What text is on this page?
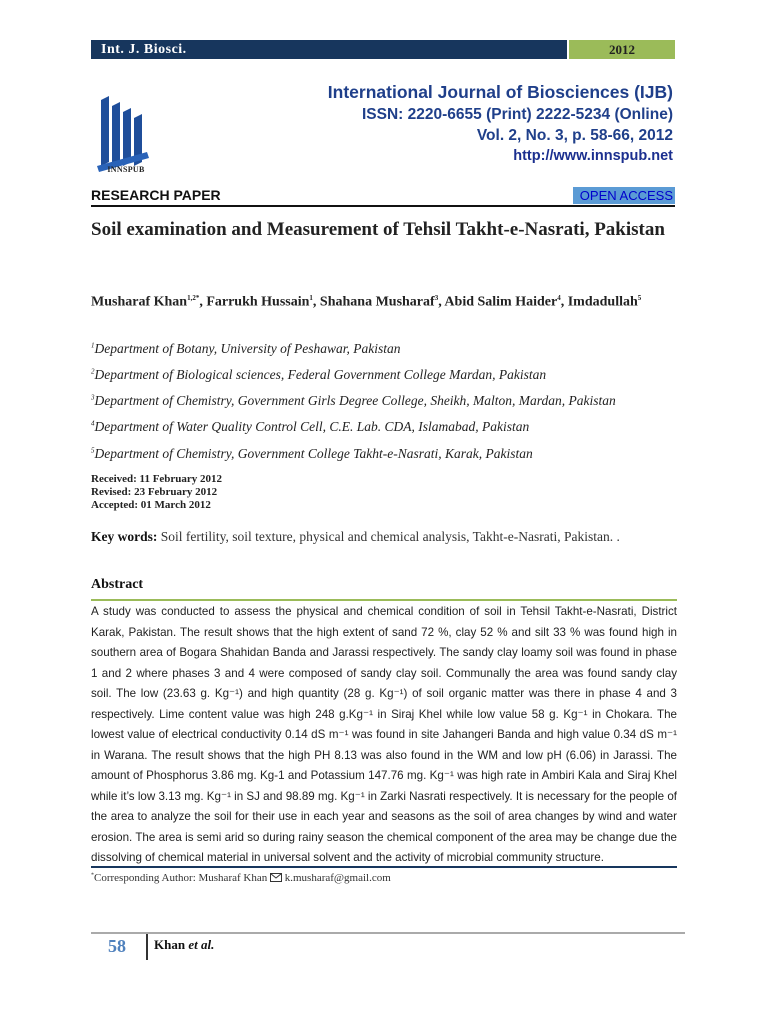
Int. J. Biosci.	2012
INNSPUB
International Journal of Biosciences (IJB)
ISSN: 2220-6655 (Print) 2222-5234 (Online)
Vol. 2, No. 3, p. 58-66, 2012
http://www.innspub.net
RESEARCH PAPER	OPEN ACCESS
Soil examination and Measurement of Tehsil Takht-e-Nasrati, Pakistan
Musharaf Khan$^{1,2*}$, Farrukh Hussain$^1$, Shahana Musharaf$^3$, Abid Salim Haider$^4$, Imdadullah$^5$
$^1$Department of Botany, University of Peshawar, Pakistan
$^2$Department of Biological sciences, Federal Government College Mardan, Pakistan
$^3$Department of Chemistry, Government Girls Degree College, Sheikh, Malton, Mardan, Pakistan
$^4$Department of Water Quality Control Cell, C.E. Lab. CDA, Islamabad, Pakistan
$^5$Department of Chemistry, Government College Takht-e-Nasrati, Karak, Pakistan
Received: 11 February 2012
Revised: 23 February 2012
Accepted: 01 March 2012
Key words: Soil fertility, soil texture, physical and chemical analysis, Takht-e-Nasrati, Pakistan. .
Abstract
A study was conducted to assess the physical and chemical condition of soil in Tehsil Takht-e-Nasrati, District Karak, Pakistan. The result shows that the high extent of sand 72 %, clay 52 % and silt 33 % was found high in southern area of Bogara Shahidan Banda and Jarassi respectively. The sandy clay loamy soil was found in phase 1 and 2 where phases 3 and 4 were composed of sandy clay soil. Communally the area was found sandy clay soil. The low (23.63 g. Kg⁻¹) and high quantity (28 g. Kg⁻¹) of soil organic matter was there in phase 4 and 3 respectively. Lime content value was high 248 g.Kg⁻¹ in Siraj Khel while low value 58 g. Kg⁻¹ in Chokara. The lowest value of electrical conductivity 0.14 dS m⁻¹ was found in site Jahangeri Banda and high value 0.34 dS m⁻¹ in Warana. The result shows that the high PH 8.13 was also found in the WM and low pH (6.06) in Jarassi. The amount of Phosphorus 3.86 mg. Kg-1 and Potassium 147.76 mg. Kg⁻¹ was high rate in Ambiri Kala and Siraj Khel while it’s low 3.13 mg. Kg⁻¹ in SJ and 98.89 mg. Kg⁻¹ in Zarki Nasrati respectively. It is necessary for the people of the area to analyze the soil for their use in each year and seasons as the soil of area changes by wind and water erosion. The area is semi arid so during rainy season the chemical component of the area may be change due the dissolving of chemical material in universal solvent and the activity of microbial community structure.
*Corresponding Author: Musharaf Khan k.musharaf@gmail.com
58 Khan et al.
